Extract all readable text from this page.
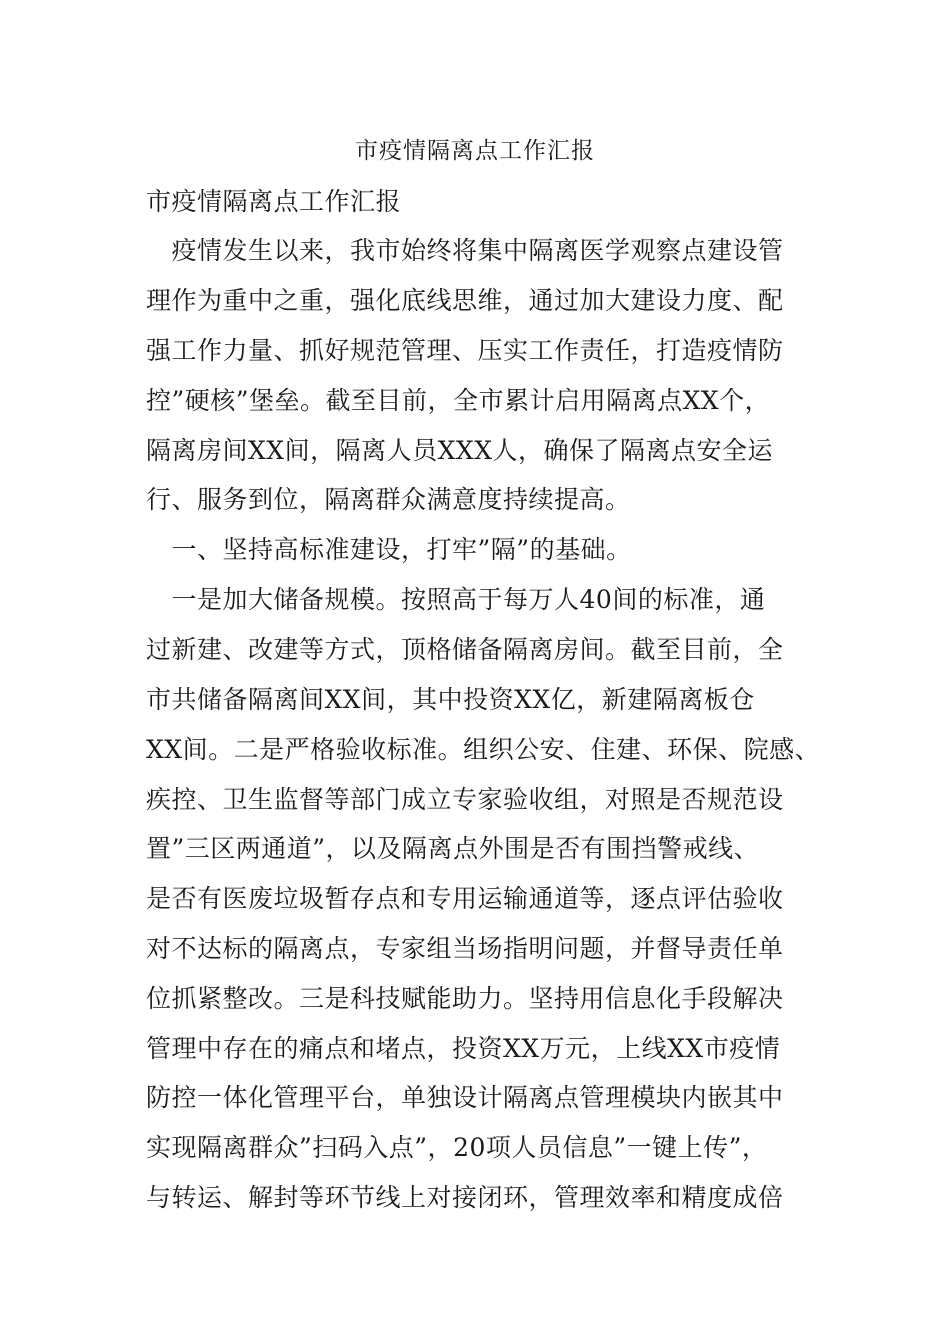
市疫情隔离点工作汇报
市疫情隔离点工作汇报
　疫情发生以来，我市始终将集中隔离医学观察点建设管
理作为重中之重，强化底线思维，通过加大建设力度、配
强工作力量、抓好规范管理、压实工作责任，打造疫情防
控”硬核”堡垒。截至目前，全市累计启用隔离点XX个，
隔离房间XX间，隔离人员XXX人，确保了隔离点安全运
行、服务到位，隔离群众满意度持续提高。
　一、坚持高标准建设，打牢”隔”的基础。
　一是加大储备规模。按照高于每万人40间的标准，通
过新建、改建等方式，顶格储备隔离房间。截至目前，全
市共储备隔离间XX间，其中投资XX亿，新建隔离板仓
XX间。二是严格验收标准。组织公安、住建、环保、院感、
疾控、卫生监督等部门成立专家验收组，对照是否规范设
置”三区两通道”，以及隔离点外围是否有围挡警戒线、
是否有医废垃圾暂存点和专用运输通道等，逐点评估验收
对不达标的隔离点，专家组当场指明问题，并督导责任单
位抓紧整改。三是科技赋能助力。坚持用信息化手段解决
管理中存在的痛点和堵点，投资XX万元，上线XX市疫情
防控一体化管理平台，单独设计隔离点管理模块内嵌其中
实现隔离群众”扫码入点”，20项人员信息”一键上传”，
与转运、解封等环节线上对接闭环，管理效率和精度成倍
